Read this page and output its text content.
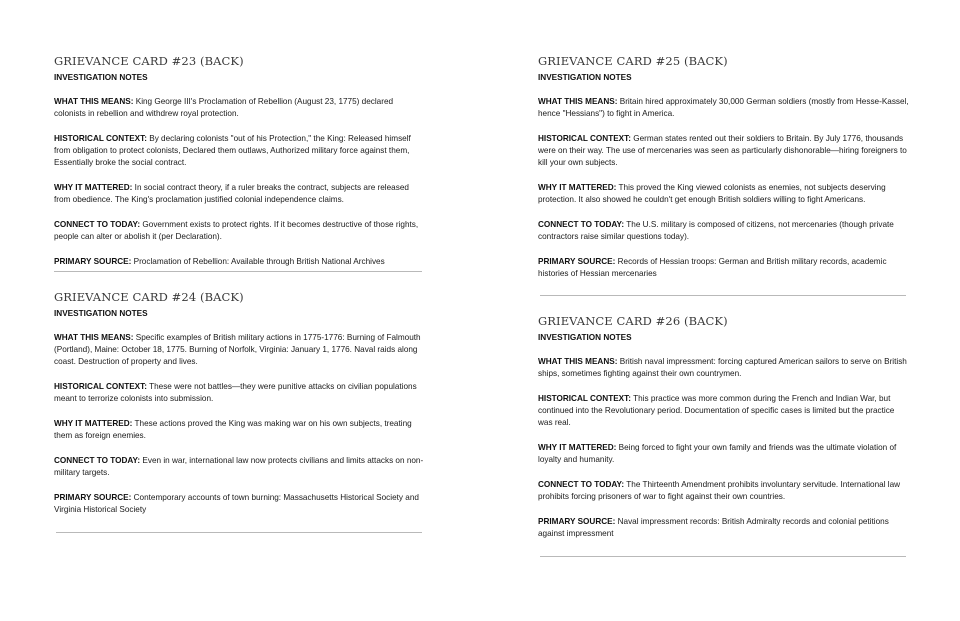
GRIEVANCE CARD #23 (BACK)
INVESTIGATION NOTES

WHAT THIS MEANS: King George III's Proclamation of Rebellion (August 23, 1775) declared colonists in rebellion and withdrew royal protection.

HISTORICAL CONTEXT: By declaring colonists "out of his Protection," the King: Released himself from obligation to protect colonists, Declared them outlaws, Authorized military force against them, Essentially broke the social contract.

WHY IT MATTERED: In social contract theory, if a ruler breaks the contract, subjects are released from obedience. The King's proclamation justified colonial independence claims.

CONNECT TO TODAY: Government exists to protect rights. If it becomes destructive of those rights, people can alter or abolish it (per Declaration).

PRIMARY SOURCE: Proclamation of Rebellion: Available through British National Archives

GRIEVANCE CARD #24 (BACK)
INVESTIGATION NOTES

WHAT THIS MEANS: Specific examples of British military actions in 1775-1776: Burning of Falmouth (Portland), Maine: October 18, 1775. Burning of Norfolk, Virginia: January 1, 1776. Naval raids along coast. Destruction of property and lives.

HISTORICAL CONTEXT: These were not battles—they were punitive attacks on civilian populations meant to terrorize colonists into submission.

WHY IT MATTERED: These actions proved the King was making war on his own subjects, treating them as foreign enemies.

CONNECT TO TODAY: Even in war, international law now protects civilians and limits attacks on non-military targets.

PRIMARY SOURCE: Contemporary accounts of town burning: Massachusetts Historical Society and Virginia Historical Society

GRIEVANCE CARD #25 (BACK)
INVESTIGATION NOTES

WHAT THIS MEANS: Britain hired approximately 30,000 German soldiers (mostly from Hesse-Kassel, hence "Hessians") to fight in America.

HISTORICAL CONTEXT: German states rented out their soldiers to Britain. By July 1776, thousands were on their way. The use of mercenaries was seen as particularly dishonorable—hiring foreigners to kill your own subjects.

WHY IT MATTERED: This proved the King viewed colonists as enemies, not subjects deserving protection. It also showed he couldn't get enough British soldiers willing to fight Americans.

CONNECT TO TODAY: The U.S. military is composed of citizens, not mercenaries (though private contractors raise similar questions today).

PRIMARY SOURCE: Records of Hessian troops: German and British military records, academic histories of Hessian mercenaries

GRIEVANCE CARD #26 (BACK)
INVESTIGATION NOTES

WHAT THIS MEANS: British naval impressment: forcing captured American sailors to serve on British ships, sometimes fighting against their own countrymen.

HISTORICAL CONTEXT: This practice was more common during the French and Indian War, but continued into the Revolutionary period. Documentation of specific cases is limited but the practice was real.

WHY IT MATTERED: Being forced to fight your own family and friends was the ultimate violation of loyalty and humanity.

CONNECT TO TODAY: The Thirteenth Amendment prohibits involuntary servitude. International law prohibits forcing prisoners of war to fight against their own countries.

PRIMARY SOURCE: Naval impressment records: British Admiralty records and colonial petitions against impressment
